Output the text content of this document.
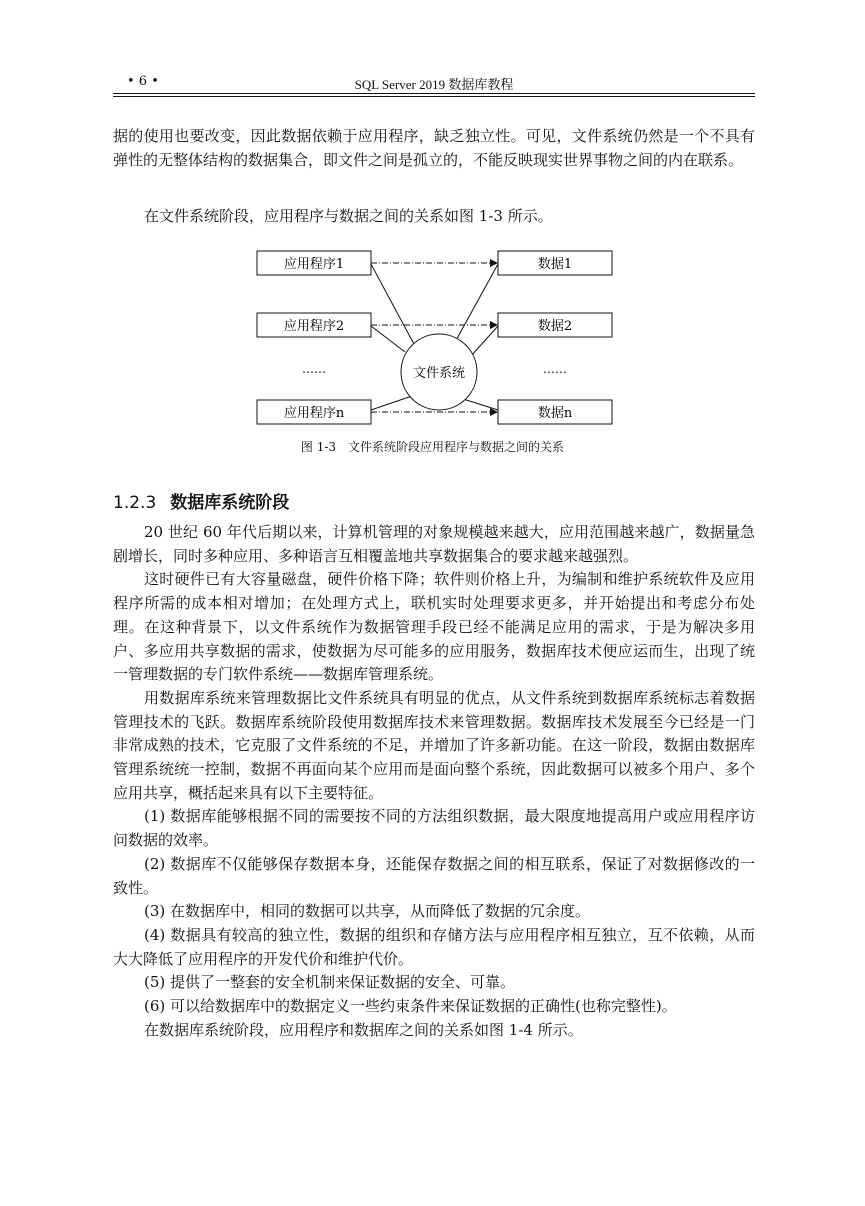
• 6 •	SQL Server 2019 数据库教程

据的使用也要改变，因此数据依赖于应用程序，缺乏独立性。可见，文件系统仍然是一个不具有弹性的无整体结构的数据集合，即文件之间是孤立的，不能反映现实世界事物之间的内在联系。

在文件系统阶段，应用程序与数据之间的关系如图 1-3 所示。

应用程序1
应用程序2
……
应用程序n
数据1
数据2
……
数据n
文件系统
图 1-3　文件系统阶段应用程序与数据之间的关系
1.2.3 数据库系统阶段

20 世纪 60 年代后期以来，计算机管理的对象规模越来越大，应用范围越来越广，数据量急剧增长，同时多种应用、多种语言互相覆盖地共享数据集合的要求越来越强烈。

这时硬件已有大容量磁盘，硬件价格下降；软件则价格上升，为编制和维护系统软件及应用程序所需的成本相对增加；在处理方式上，联机实时处理要求更多，并开始提出和考虑分布处理。在这种背景下，以文件系统作为数据管理手段已经不能满足应用的需求，于是为解决多用户、多应用共享数据的需求，使数据为尽可能多的应用服务，数据库技术便应运而生，出现了统一管理数据的专门软件系统——数据库管理系统。

用数据库系统来管理数据比文件系统具有明显的优点，从文件系统到数据库系统标志着数据管理技术的飞跃。数据库系统阶段使用数据库技术来管理数据。数据库技术发展至今已经是一门非常成熟的技术，它克服了文件系统的不足，并增加了许多新功能。在这一阶段，数据由数据库管理系统统一控制，数据不再面向某个应用而是面向整个系统，因此数据可以被多个用户、多个应用共享，概括起来具有以下主要特征。

(1) 数据库能够根据不同的需要按不同的方法组织数据，最大限度地提高用户或应用程序访问数据的效率。

(2) 数据库不仅能够保存数据本身，还能保存数据之间的相互联系，保证了对数据修改的一致性。

(3) 在数据库中，相同的数据可以共享，从而降低了数据的冗余度。

(4) 数据具有较高的独立性，数据的组织和存储方法与应用程序相互独立，互不依赖，从而大大降低了应用程序的开发代价和维护代价。

(5) 提供了一整套的安全机制来保证数据的安全、可靠。

(6) 可以给数据库中的数据定义一些约束条件来保证数据的正确性(也称完整性)。

在数据库系统阶段，应用程序和数据库之间的关系如图 1-4 所示。
